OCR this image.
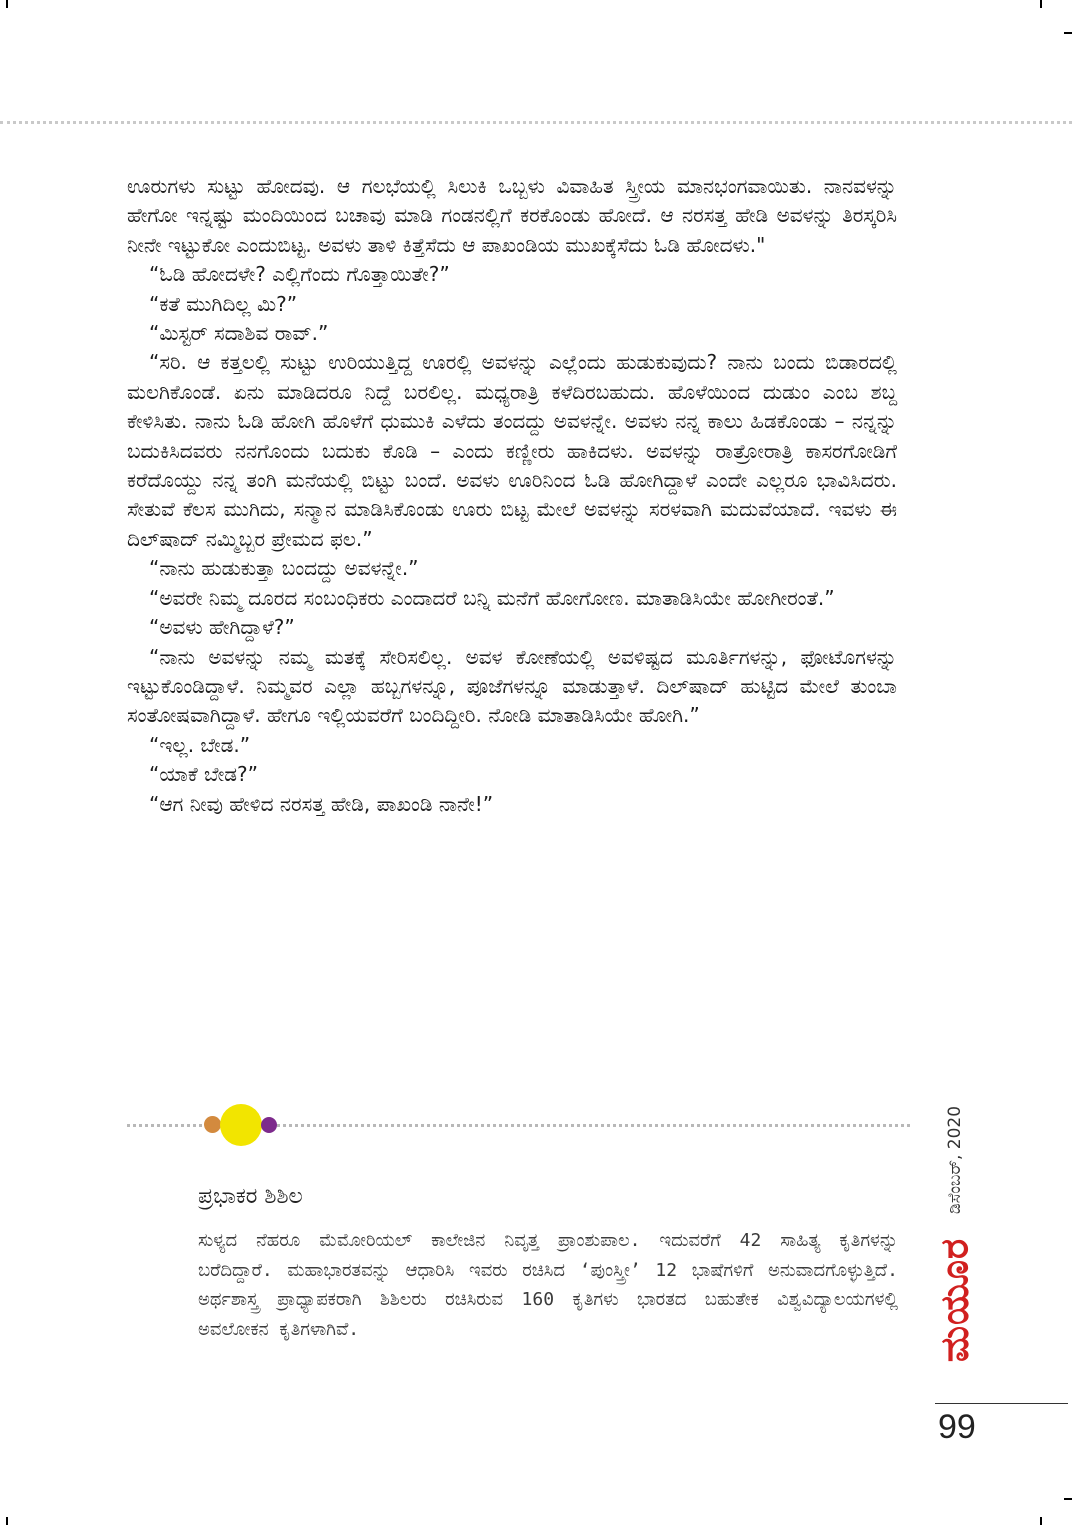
ಊರುಗಳು ಸುಟ್ಟು ಹೋದವು. ಆ ಗಲಭೆಯಲ್ಲಿ ಸಿಲುಕಿ ಒಬ್ಬಳು ವಿವಾಹಿತ ಸ್ತ್ರೀಯ ಮಾನಭಂಗವಾಯಿತು. ನಾನವಳನ್ನು ಹೇಗೋ ಇನ್ನಷ್ಟು ಮಂದಿಯಿಂದ ಬಚಾವು ಮಾಡಿ ಗಂಡನಲ್ಲಿಗೆ ಕರಕೊಂಡು ಹೋದೆ. ಆ ನರಸತ್ತ ಹೇಡಿ ಅವಳನ್ನು ತಿರಸ್ಕರಿಸಿ ನೀನೇ ಇಟ್ಟುಕೋ ಎಂದುಬಿಟ್ಟ. ಅವಳು ತಾಳಿ ಕಿತ್ತೆಸೆದು ಆ ಪಾಖಂಡಿಯ ಮುಖಕ್ಕೆಸೆದು ಓಡಿ ಹೋದಳು."

“ಓಡಿ ಹೋದಳೇ? ಎಲ್ಲಿಗೆಂದು ಗೊತ್ತಾಯಿತೇ?”

“ಕತೆ ಮುಗಿದಿಲ್ಲ ಮಿ?”

“ಮಿಸ್ಟರ್ ಸದಾಶಿವ ರಾವ್.”

“ಸರಿ. ಆ ಕತ್ತಲಲ್ಲಿ ಸುಟ್ಟು ಉರಿಯುತ್ತಿದ್ದ ಊರಲ್ಲಿ ಅವಳನ್ನು ಎಲ್ಲೆಂದು ಹುಡುಕುವುದು? ನಾನು ಬಂದು ಬಿಡಾರದಲ್ಲಿ ಮಲಗಿಕೊಂಡೆ. ಏನು ಮಾಡಿದರೂ ನಿದ್ದೆ ಬರಲಿಲ್ಲ. ಮಧ್ಯರಾತ್ರಿ ಕಳೆದಿರಬಹುದು. ಹೊಳೆಯಿಂದ ದುಡುಂ ಎಂಬ ಶಬ್ದ ಕೇಳಿಸಿತು. ನಾನು ಓಡಿ ಹೋಗಿ ಹೊಳೆಗೆ ಧುಮುಕಿ ಎಳೆದು ತಂದದ್ದು ಅವಳನ್ನೇ. ಅವಳು ನನ್ನ ಕಾಲು ಹಿಡಕೊಂಡು – ನನ್ನನ್ನು ಬದುಕಿಸಿದವರು ನನಗೊಂದು ಬದುಕು ಕೊಡಿ – ಎಂದು ಕಣ್ಣೀರು ಹಾಕಿದಳು. ಅವಳನ್ನು ರಾತ್ರೋರಾತ್ರಿ ಕಾಸರಗೋಡಿಗೆ ಕರೆದೊಯ್ದು ನನ್ನ ತಂಗಿ ಮನೆಯಲ್ಲಿ ಬಿಟ್ಟು ಬಂದೆ. ಅವಳು ಊರಿನಿಂದ ಓಡಿ ಹೋಗಿದ್ದಾಳೆ ಎಂದೇ ಎಲ್ಲರೂ ಭಾವಿಸಿದರು. ಸೇತುವೆ ಕೆಲಸ ಮುಗಿದು, ಸನ್ಮಾನ ಮಾಡಿಸಿಕೊಂಡು ಊರು ಬಿಟ್ಟ ಮೇಲೆ ಅವಳನ್ನು ಸರಳವಾಗಿ ಮದುವೆಯಾದೆ. ಇವಳು ಈ ದಿಲ್‌ಷಾದ್ ನಮ್ಮಿಬ್ಬರ ಪ್ರೇಮದ ಫಲ.”

“ನಾನು ಹುಡುಕುತ್ತಾ ಬಂದದ್ದು ಅವಳನ್ನೇ.”

“ಅವರೇ ನಿಮ್ಮ ದೂರದ ಸಂಬಂಧಿಕರು ಎಂದಾದರೆ ಬನ್ನಿ ಮನೆಗೆ ಹೋಗೋಣ. ಮಾತಾಡಿಸಿಯೇ ಹೋಗೀರಂತೆ.”

“ಅವಳು ಹೇಗಿದ್ದಾಳೆ?”

“ನಾನು ಅವಳನ್ನು ನಮ್ಮ ಮತಕ್ಕೆ ಸೇರಿಸಲಿಲ್ಲ. ಅವಳ ಕೋಣೆಯಲ್ಲಿ ಅವಳಿಷ್ಟದ ಮೂರ್ತಿಗಳನ್ನು, ಫೋಟೊಗಳನ್ನು ಇಟ್ಟುಕೊಂಡಿದ್ದಾಳೆ. ನಿಮ್ಮವರ ಎಲ್ಲಾ ಹಬ್ಬಗಳನ್ನೂ, ಪೂಜೆಗಳನ್ನೂ ಮಾಡುತ್ತಾಳೆ. ದಿಲ್‌ಷಾದ್ ಹುಟ್ಟಿದ ಮೇಲೆ ತುಂಬಾ ಸಂತೋಷವಾಗಿದ್ದಾಳೆ. ಹೇಗೂ ಇಲ್ಲಿಯವರೆಗೆ ಬಂದಿದ್ದೀರಿ. ನೋಡಿ ಮಾತಾಡಿಸಿಯೇ ಹೋಗಿ.”

“ಇಲ್ಲ. ಬೇಡ.”

“ಯಾಕೆ ಬೇಡ?”

“ಆಗ ನೀವು ಹೇಳಿದ ನರಸತ್ತ ಹೇಡಿ, ಪಾಖಂಡಿ ನಾನೇ!”

ಪ್ರಭಾಕರ ಶಿಶಿಲ

ಸುಳ್ಯದ ನೆಹರೂ ಮೆಮೋರಿಯಲ್ ಕಾಲೇಜಿನ ನಿವೃತ್ತ ಪ್ರಾಂಶುಪಾಲ. ಇದುವರೆಗೆ 42 ಸಾಹಿತ್ಯ ಕೃತಿಗಳನ್ನು ಬರೆದಿದ್ದಾರೆ. ಮಹಾಭಾರತವನ್ನು ಆಧಾರಿಸಿ ಇವರು ರಚಿಸಿದ ‘ಪುಂಸ್ತ್ರೀ’ 12 ಭಾಷೆಗಳಿಗೆ ಅನುವಾದಗೊಳ್ಳುತ್ತಿದೆ. ಅರ್ಥಶಾಸ್ತ್ರ ಪ್ರಾಧ್ಯಾಪಕರಾಗಿ ಶಿಶಿಲರು ರಚಿಸಿರುವ 160 ಕೃತಿಗಳು ಭಾರತದ ಬಹುತೇಕ ವಿಶ್ವವಿದ್ಯಾಲಯಗಳಲ್ಲಿ ಅವಲೋಕನ ಕೃತಿಗಳಾಗಿವೆ.

ಡಿಸೆಂಬರ್, 2020
ಮಯೂರ
99
